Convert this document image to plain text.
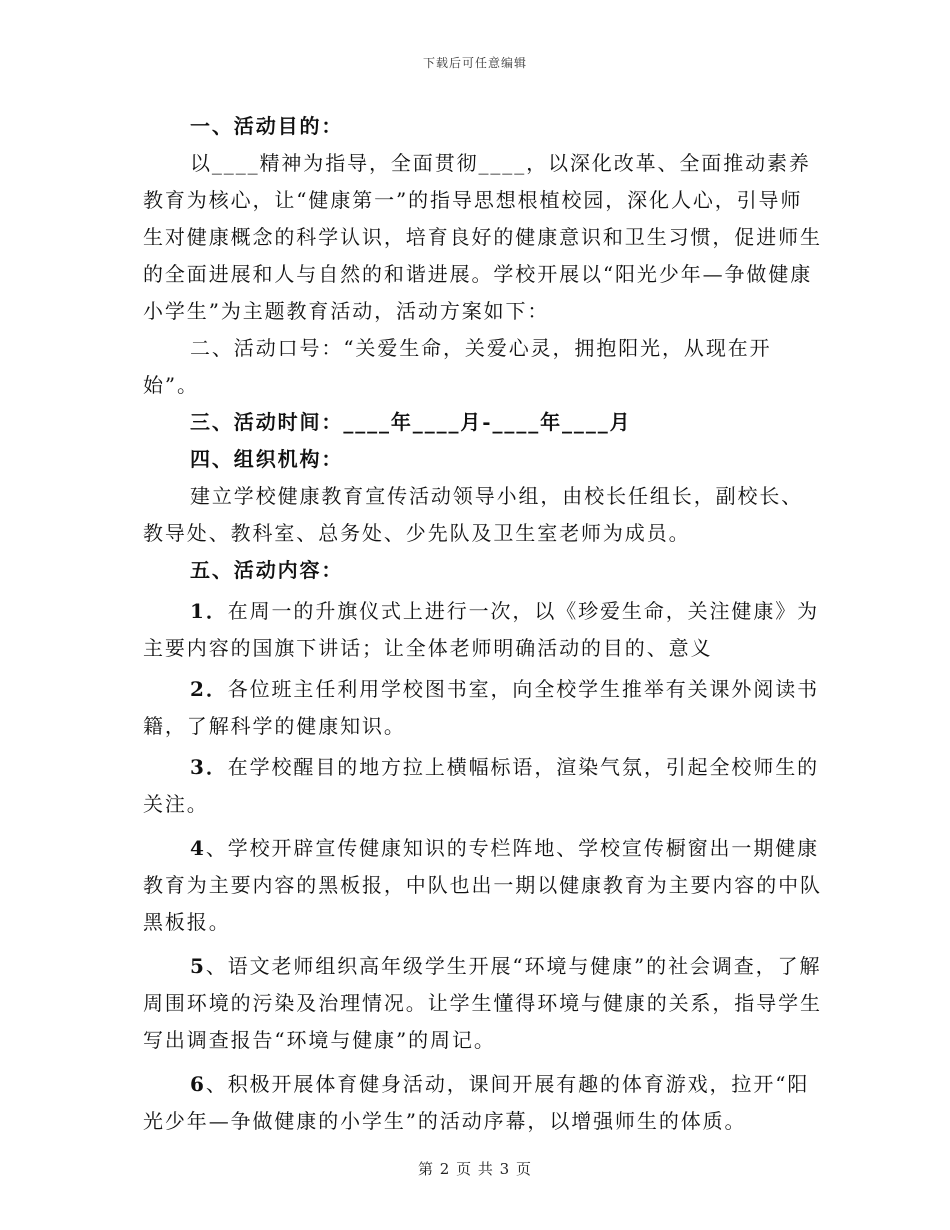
下载后可任意编辑

一、活动目的：

以____精神为指导，全面贯彻____，以深化改革、全面推动素养教育为核心，让“健康第一”的指导思想根植校园，深化人心，引导师生对健康概念的科学认识，培育良好的健康意识和卫生习惯，促进师生的全面进展和人与自然的和谐进展。学校开展以“阳光少年—争做健康小学生”为主题教育活动，活动方案如下：

二、活动口号：“关爱生命，关爱心灵，拥抱阳光，从现在开始”。

三、活动时间：____年____月-____年____月

四、组织机构：

建立学校健康教育宣传活动领导小组，由校长任组长，副校长、教导处、教科室、总务处、少先队及卫生室老师为成员。

五、活动内容：

1．在周一的升旗仪式上进行一次，以《珍爱生命，关注健康》为主要内容的国旗下讲话；让全体老师明确活动的目的、意义

2．各位班主任利用学校图书室，向全校学生推举有关课外阅读书籍，了解科学的健康知识。

3．在学校醒目的地方拉上横幅标语，渲染气氛，引起全校师生的关注。

4、学校开辟宣传健康知识的专栏阵地、学校宣传橱窗出一期健康教育为主要内容的黑板报，中队也出一期以健康教育为主要内容的中队黑板报。

5、语文老师组织高年级学生开展“环境与健康”的社会调查，了解周围环境的污染及治理情况。让学生懂得环境与健康的关系，指导学生写出调查报告“环境与健康”的周记。

6、积极开展体育健身活动，课间开展有趣的体育游戏，拉开“阳光少年—争做健康的小学生”的活动序幕，以增强师生的体质。

第 2 页 共 3 页
